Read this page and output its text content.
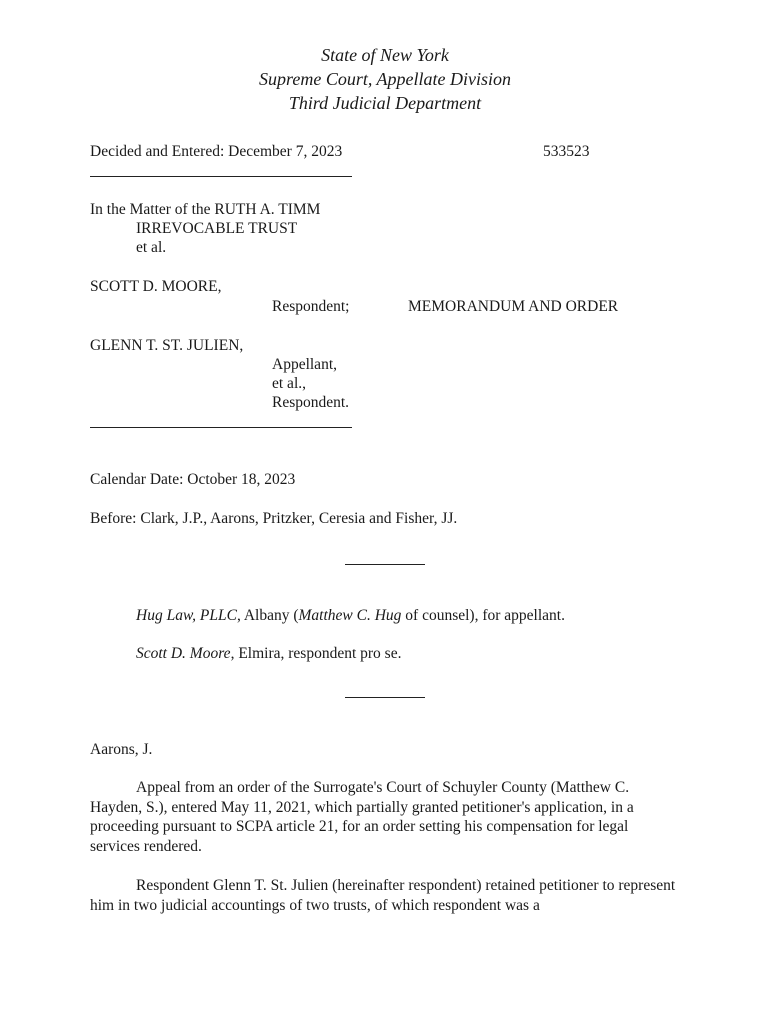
State of New York
Supreme Court, Appellate Division
Third Judicial Department
Decided and Entered: December 7, 2023	533523
In the Matter of the RUTH A. TIMM
IRREVOCABLE TRUST
et al.
SCOTT D. MOORE,
Respondent;	MEMORANDUM AND ORDER
GLENN T. ST. JULIEN,
Appellant,
et al.,
Respondent.
Calendar Date: October 18, 2023
Before: Clark, J.P., Aarons, Pritzker, Ceresia and Fisher, JJ.
Hug Law, PLLC, Albany (Matthew C. Hug of counsel), for appellant.
Scott D. Moore, Elmira, respondent pro se.
Aarons, J.
Appeal from an order of the Surrogate's Court of Schuyler County (Matthew C. Hayden, S.), entered May 11, 2021, which partially granted petitioner's application, in a proceeding pursuant to SCPA article 21, for an order setting his compensation for legal services rendered.
Respondent Glenn T. St. Julien (hereinafter respondent) retained petitioner to represent him in two judicial accountings of two trusts, of which respondent was a
